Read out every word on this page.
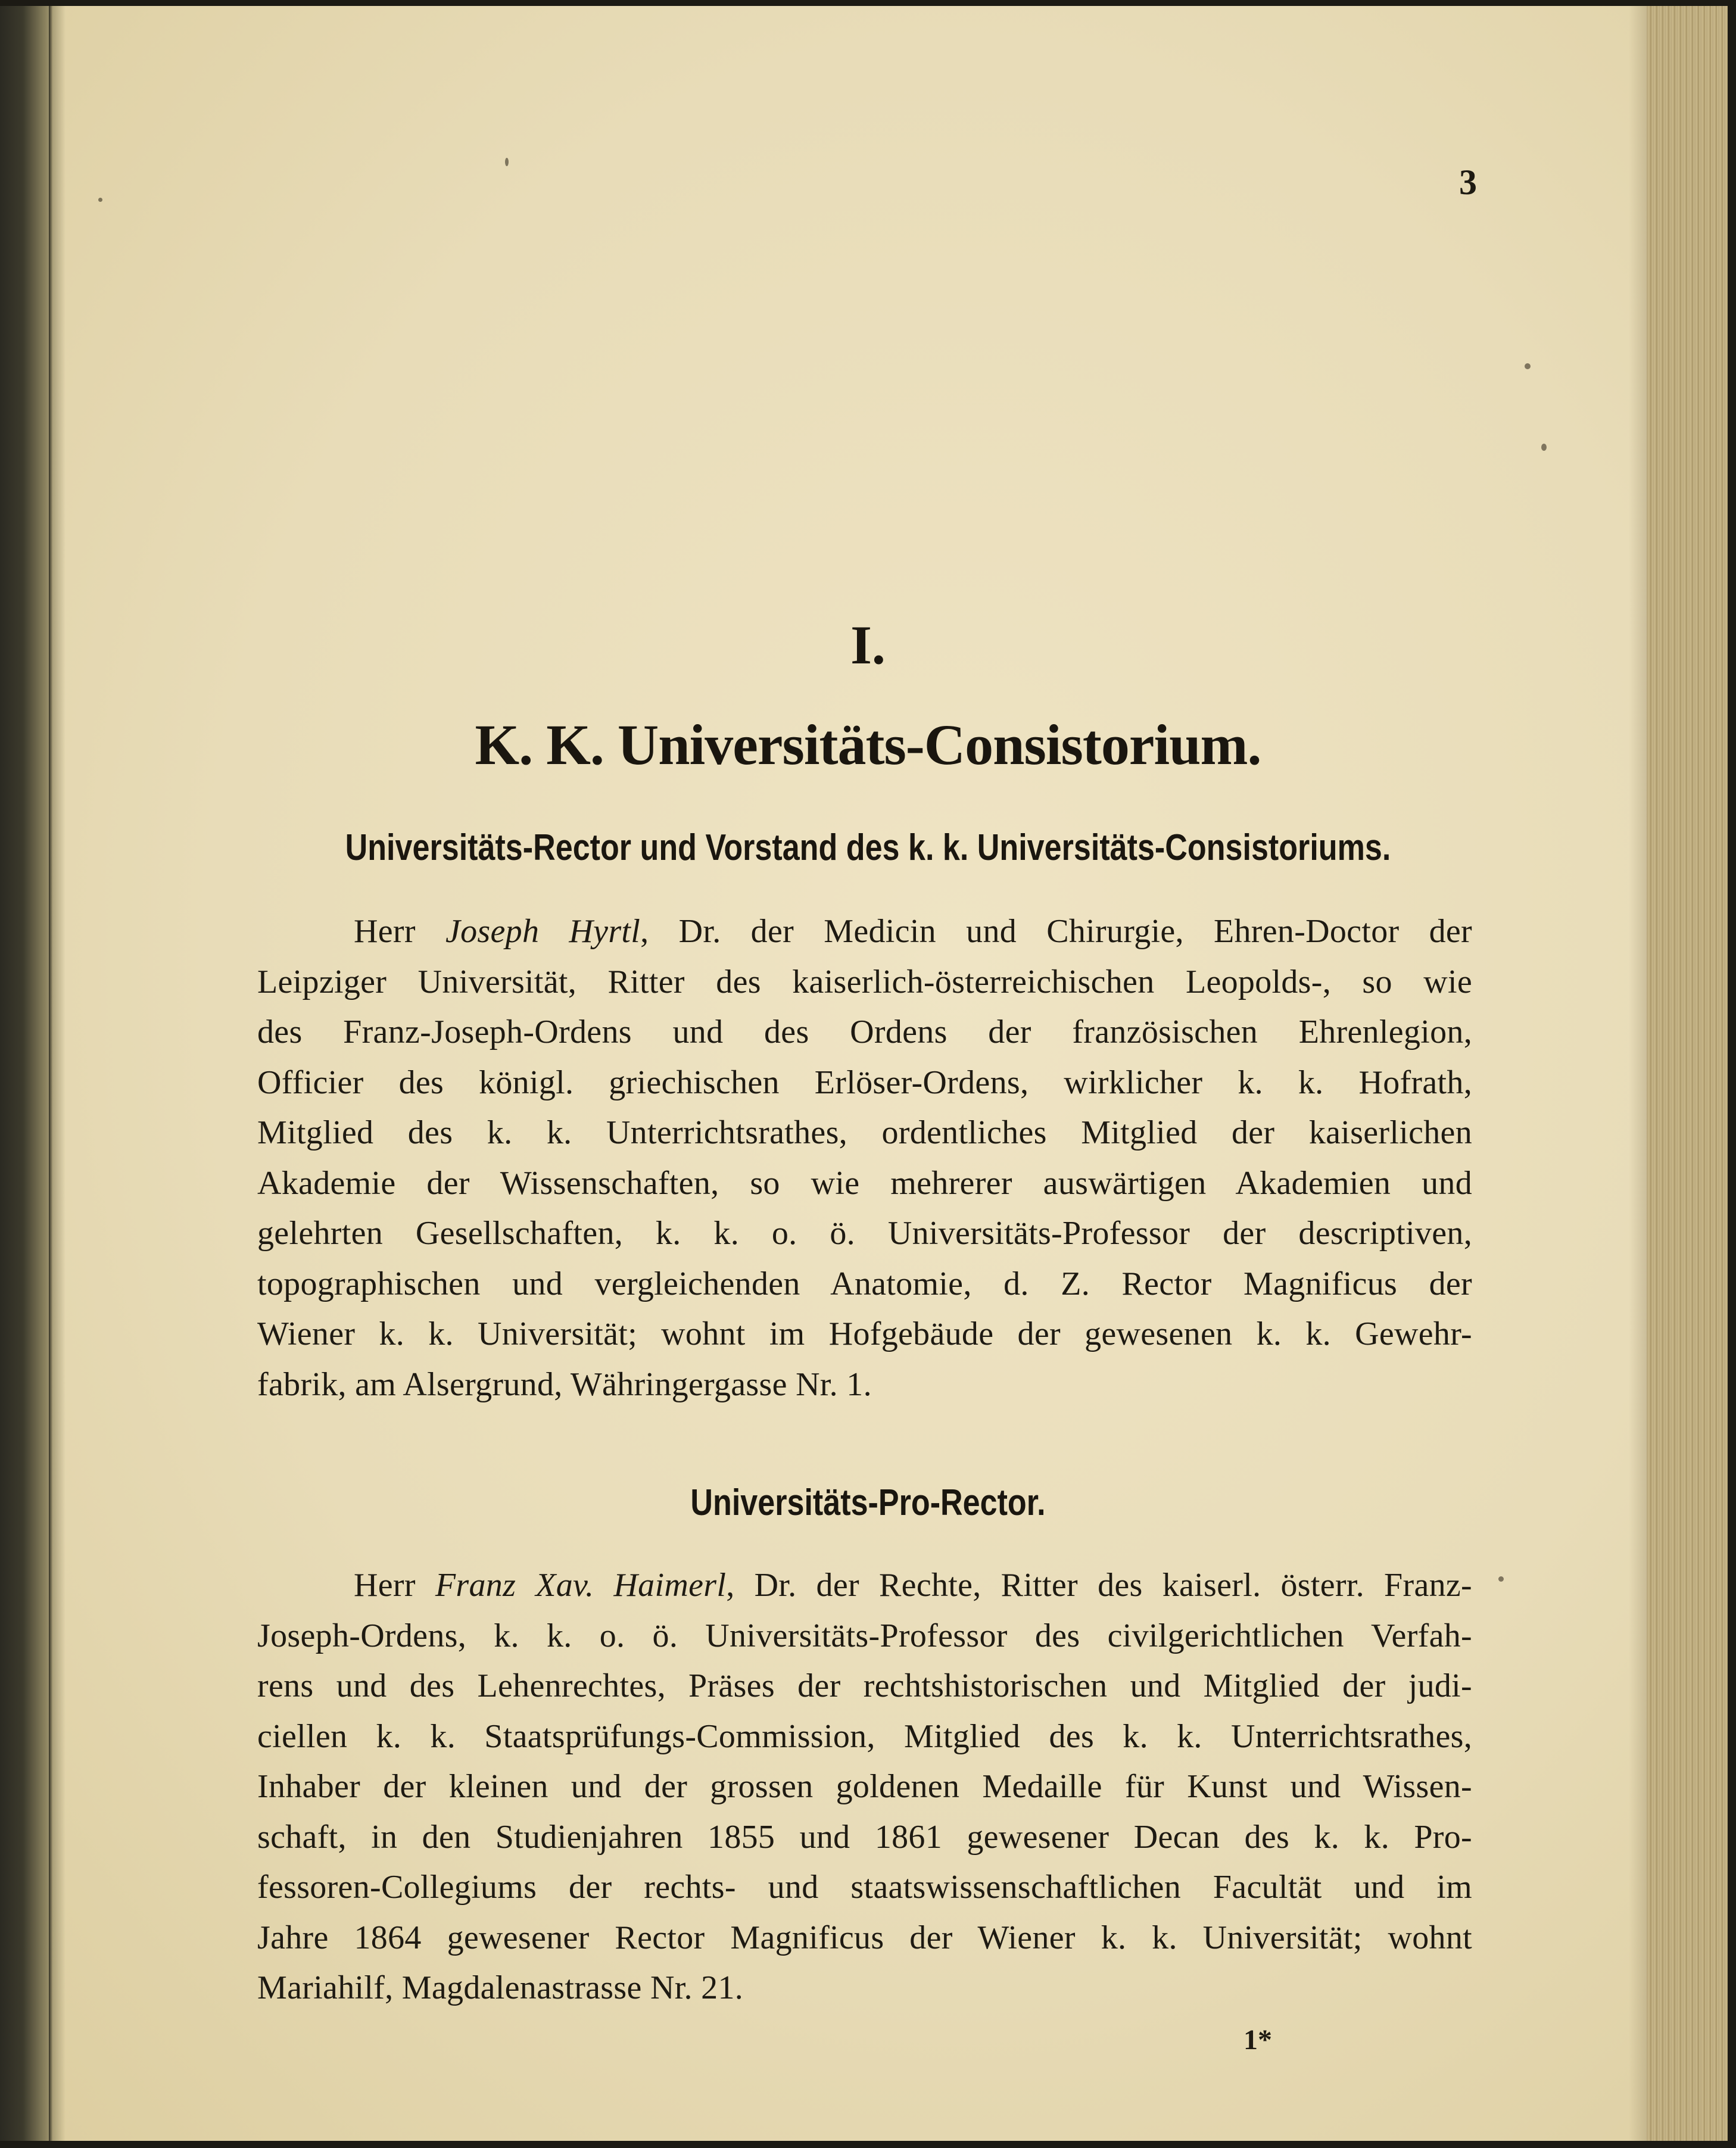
3
I.
K. K. Universitäts-Consistorium.
Universitäts-Rector und Vorstand des k. k. Universitäts-Consistoriums.
Herr Joseph Hyrtl, Dr. der Medicin und Chirurgie, Ehren-Doctor der
Leipziger Universität, Ritter des kaiserlich-österreichischen Leopolds-, so wie
des Franz-Joseph-Ordens und des Ordens der französischen Ehrenlegion,
Officier des königl. griechischen Erlöser-Ordens, wirklicher k. k. Hofrath,
Mitglied des k. k. Unterrichtsrathes, ordentliches Mitglied der kaiserlichen
Akademie der Wissenschaften, so wie mehrerer auswärtigen Akademien und
gelehrten Gesellschaften, k. k. o. ö. Universitäts-Professor der descriptiven,
topographischen und vergleichenden Anatomie, d. Z. Rector Magnificus der
Wiener k. k. Universität; wohnt im Hofgebäude der gewesenen k. k. Gewehr-
fabrik, am Alsergrund, Währingergasse Nr. 1.
Universitäts-Pro-Rector.
Herr Franz Xav. Haimerl, Dr. der Rechte, Ritter des kaiserl. österr. Franz-
Joseph-Ordens, k. k. o. ö. Universitäts-Professor des civilgerichtlichen Verfah-
rens und des Lehenrechtes, Präses der rechtshistorischen und Mitglied der judi-
ciellen k. k. Staatsprüfungs-Commission, Mitglied des k. k. Unterrichtsrathes,
Inhaber der kleinen und der grossen goldenen Medaille für Kunst und Wissen-
schaft, in den Studienjahren 1855 und 1861 gewesener Decan des k. k. Pro-
fessoren-Collegiums der rechts- und staatswissenschaftlichen Facultät und im
Jahre 1864 gewesener Rector Magnificus der Wiener k. k. Universität; wohnt
Mariahilf, Magdalenastrasse Nr. 21.
1*
